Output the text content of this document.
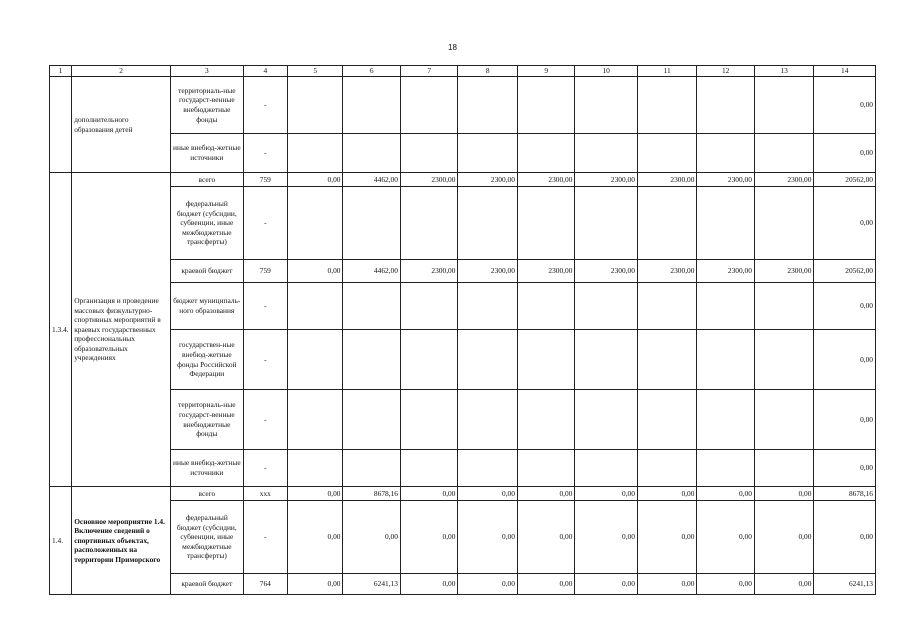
18
1	2	3	4	5	6	7	8	9	10	11	12	13	14
	дополнительного образования детей	территориаль-ные государст-венные внебюджетные фонды	-										0,00
		иные внебюд-жетные источники	-										0,00
1.3.4.	Организация и проведение массовых физкультурно-спортивных мероприятий в краевых государственных профессиональных образовательных учреждениях	всего	759	0,00	4462,00	2300,00	2300,00	2300,00	2300,00	2300,00	2300,00	2300,00	20562,00
		федеральный бюджет (субсидии, субвенции, иные межбюджетные трансферты)	-										0,00
		краевой бюджет	759	0,00	4462,00	2300,00	2300,00	2300,00	2300,00	2300,00	2300,00	2300,00	20562,00
		бюджет муниципаль-ного образования	-										0,00
		государствен-ные внебюд-жетные фонды Российской Федерации	-										0,00
		территориаль-ные государст-венные внебюджетные фонды	-										0,00
		иные внебюд-жетные источники	-										0,00
1.4.	Основное мероприятие 1.4. Включение сведений о спортивных объектах, расположенных на территории Приморского	всего	ххх	0,00	8678,16	0,00	0,00	0,00	0,00	0,00	0,00	0,00	8678,16
		федеральный бюджет (субсидии, субвенции, иные межбюджетные трансферты)	-	0,00	0,00	0,00	0,00	0,00	0,00	0,00	0,00	0,00	0,00
		краевой бюджет	764	0,00	6241,13	0,00	0,00	0,00	0,00	0,00	0,00	0,00	6241,13
